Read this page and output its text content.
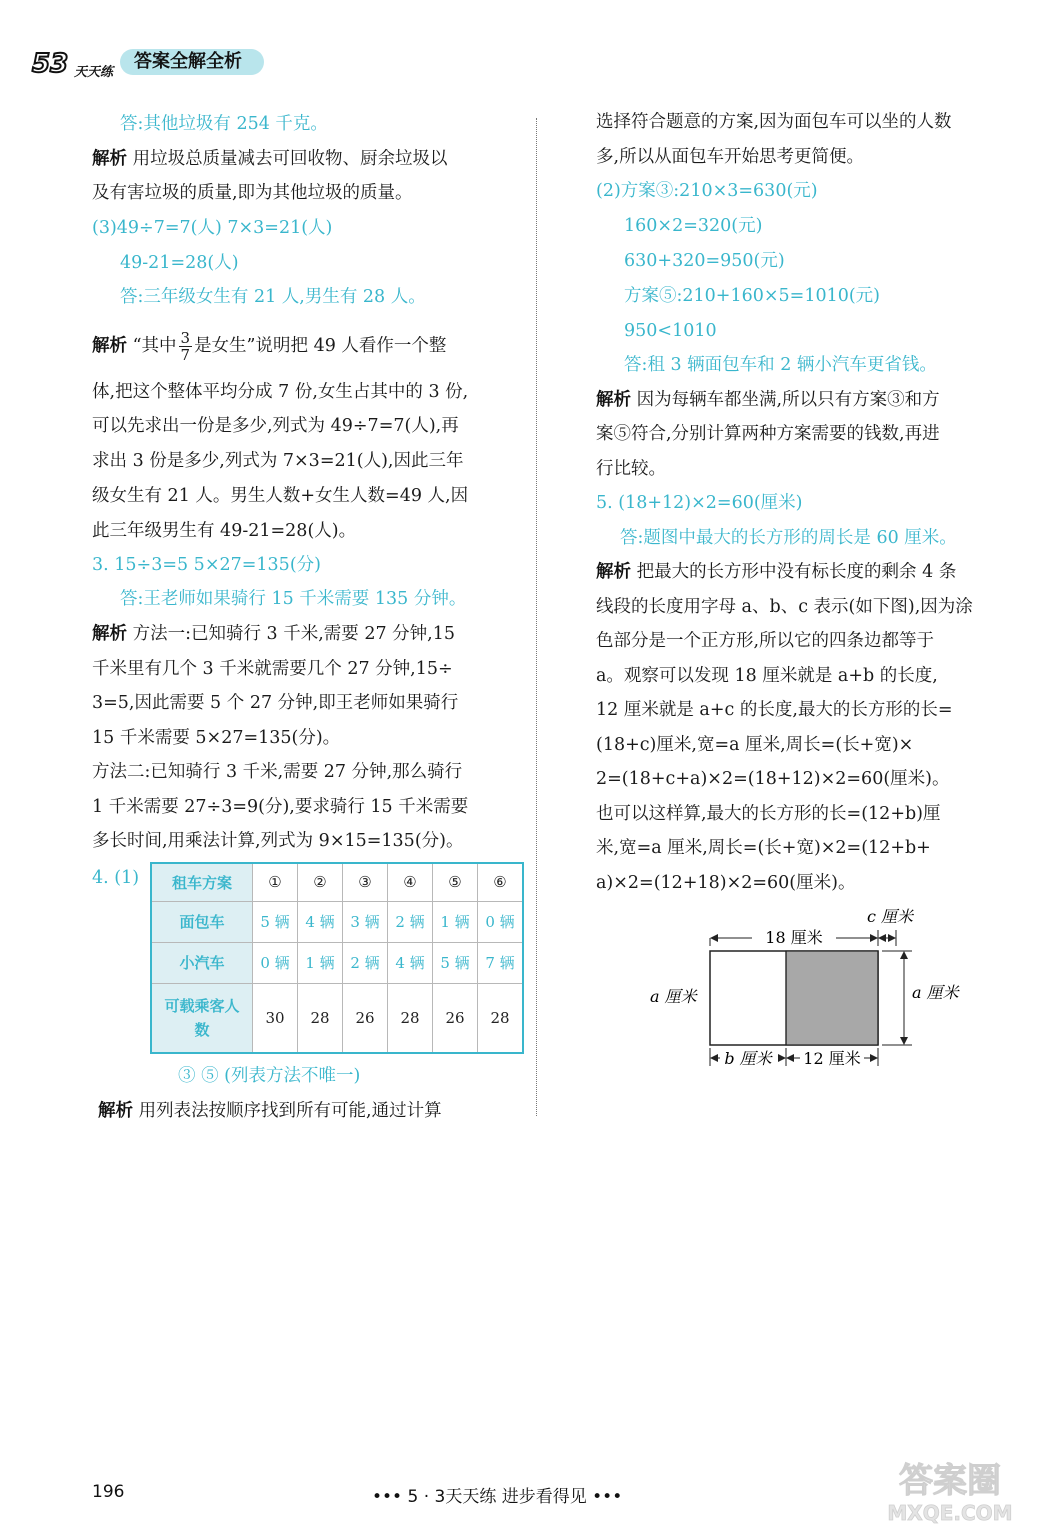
53 天天练
答案全解全析
答:其他垃圾有 254 千克。
解析 用垃圾总质量减去可回收物、厨余垃圾以
及有害垃圾的质量,即为其他垃圾的质量。
(3)49÷7=7(人) 7×3=21(人)
49-21=28(人)
答:三年级女生有 21 人,男生有 28 人。
解析 “其中 $\frac{3}{7}$ 是女生”说明把 49 人看作一个整
体,把这个整体平均分成 7 份,女生占其中的 3 份,
可以先求出一份是多少,列式为 49÷7=7(人),再
求出 3 份是多少,列式为 7×3=21(人),因此三年
级女生有 21 人。男生人数+女生人数=49 人,因
此三年级男生有 49-21=28(人)。
3. 15÷3=5 5×27=135(分)
答:王老师如果骑行 15 千米需要 135 分钟。
解析 方法一:已知骑行 3 千米,需要 27 分钟,15
千米里有几个 3 千米就需要几个 27 分钟,15÷
3=5,因此需要 5 个 27 分钟,即王老师如果骑行
15 千米需要 5×27=135(分)。
方法二:已知骑行 3 千米,需要 27 分钟,那么骑行
1 千米需要 27÷3=9(分),要求骑行 15 千米需要
多长时间,用乘法计算,列式为 9×15=135(分)。
4. (1)
③ ⑤ (列表方法不唯一)
解析 用列表法按顺序找到所有可能,通过计算
租车方案	①	②	③	④	⑤	⑥
面包车	5 辆	4 辆	3 辆	2 辆	1 辆	0 辆
小汽车	0 辆	1 辆	2 辆	4 辆	5 辆	7 辆
可载乘客人数	30	28	26	28	26	28
选择符合题意的方案,因为面包车可以坐的人数
多,所以从面包车开始思考更简便。
(2)方案③:210×3=630(元)
160×2=320(元)
630+320=950(元)
方案⑤:210+160×5=1010(元)
950<1010
答:租 3 辆面包车和 2 辆小汽车更省钱。
解析 因为每辆车都坐满,所以只有方案③和方
案⑤符合,分别计算两种方案需要的钱数,再进
行比较。
5. (18+12)×2=60(厘米)
答:题图中最大的长方形的周长是 60 厘米。
解析 把最大的长方形中没有标长度的剩余 4 条
线段的长度用字母 a、b、c 表示(如下图),因为涂
色部分是一个正方形,所以它的四条边都等于
a。观察可以发现 18 厘米就是 a+b 的长度,
12 厘米就是 a+c 的长度,最大的长方形的长=
(18+c)厘米,宽=a 厘米,周长=(长+宽)×
2=(18+c+a)×2=(18+12)×2=60(厘米)。
也可以这样算,最大的长方形的长=(12+b)厘
米,宽=a 厘米,周长=(长+宽)×2=(12+b+
a)×2=(12+18)×2=60(厘米)。
18 厘米
c 厘米
a 厘米
a 厘米
b 厘米 12 厘米
196	••• 5 · 3天天练 进步看得见 •••	答案圈
MXQE.COM
